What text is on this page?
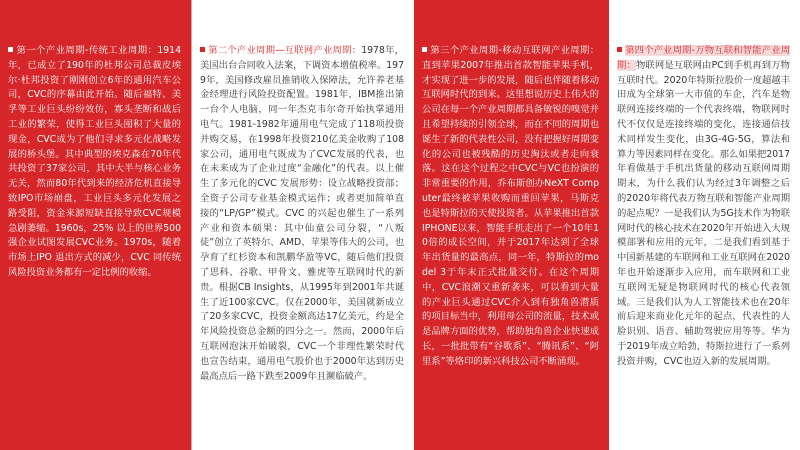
第一个产业周期-传统工业周期：1914年，已成立了190年的杜邦公司总裁皮埃尔·杜邦投资了刚刚创立6年的通用汽车公司，CVC的序幕由此开始。随后福特、美孚等工业巨头纷纷效仿，寡头垄断和战后工业的繁荣，使得工业巨头囤积了大量的现金，CVC成为了他们寻求多元化战略发展的桥头堡。其中典型的埃克森在70年代共投资了37家公司，其中大半与核心业务无关，然而80年代到来的经济危机直接导致IPO市场崩盘，工业巨头多元化发展之路受阻，资金来源短缺直接导致CVC规模急剧萎缩。1960s，25% 以上的世界500强企业试图发展CVC业务。1970s，随着市场上IPO 退出方式的减少，CVC 同传统风险投资业务都有一定比例的收缩。

第二个产业周期—互联网产业周期：1978年，美国出台合同收入法案，下调资本增值税率。1979年，美国修改雇员推销收入保障法，允许养老基金经理进行风险投资配置。1981年，IBM推出第一台个人电脑，同一年杰克韦尔奇开始执掌通用电气。1981-1982年通用电气完成了118项投资并购交易，在1998年投资210亿美金收购了108家公司，通用电气既成为了CVC发展的代表，也在未来成为了企业过度“金融化”的代表。以上催生了多元化的CVC 发展形势：设立战略投资部；全资子公司专业基金模式运作；或者更加简单直接的“LP/GP”模式。CVC 的兴起也催生了一系列产业和资本硕果：其中仙童公司分裂，“八叛徒”创立了英特尔、AMD、苹果等伟大的公司，也孕育了红杉资本和凯鹏华盈等VC，随后他们投资了思科、谷歌、甲骨文、雅虎等互联网时代的新贵。根据CB Insights，从1995年到2001年共诞生了近100家CVC。仅在2000年，美国就新成立了20多家CVC，投资金额高达17亿美元，约是全年风险投资总金额的四分之一。然而，2000年后互联网泡沫开始破裂，CVC一个非理性繁荣时代也宣告结束，通用电气股价也于2000年达到历史最高点后一路下跌至2009年且濒临破产。

第三个产业周期-移动互联网产业周期：直到苹果2007年推出首款智能苹果手机，才实现了进一步的发展，随后也伴随着移动互联网时代的到来。这里想说历史上伟大的公司在每一个产业周期都具备敏锐的嗅觉并且希望持续的引领全球，而在不同的周期也诞生了新的代表性公司，没有把握好周期变化的公司也被残酷的历史淘汰或者走向衰落。这在这个过程之中CVC与VC也扮演的非常重要的作用，乔布斯创办NeXT Computer最终被苹果收购而重回苹果，马斯克也是特斯拉的天使投资者。从苹果推出首款IPHONE以来，智能手机走出了一个10年10倍的成长空间，并于2017年达到了全球年出货量的最高点，同一年，特斯拉的model 3于年末正式批量交付。在这个周期中，CVC浪潮又重新袭来，可以看到大量的产业巨头通过CVC介入到有独角兽潜质的项目标当中，利用母公司的流量，技术或是品牌方面的优势，帮助独角兽企业快速成长，一批批带有“谷歌系”、“腾讯系”、“阿里系”等烙印的新兴科技公司不断涌现。

第四个产业周期-万物互联和智能产业周期：物联网是互联网由PC到手机再到万物互联时代。2020年特斯拉股价一度超越丰田成为全球第一大市值的车企，汽车是物联网连接终端的一个代表终端，物联网时代不仅仅是连接终端的变化，连接通信技术同样发生变化，由3G-4G-5G，算法和算力等因素同样在变化。那么如果把2017年看做基于手机出货量的移动互联网周期期末，为什么我们认为经过3年调整之后的2020年将代表万物互联和智能产业周期的起点呢？一是我们认为5G技术作为物联网时代的核心技术在2020年开始进入大规模部署和应用的元年，二是我们看到基于中国新基建的车联网和工业互联网在2020年也开始逐渐步入应用，而车联网和工业互联网无疑是物联网时代的核心代表领域。三是我们认为人工智能技术也在20年前后迎来商业化元年的起点，代表性的人脸识别、语音、辅助驾驶应用等等。华为于2019年成立哈勃，特斯拉进行了一系列投资并购，CVC也迈入新的发展周期。
